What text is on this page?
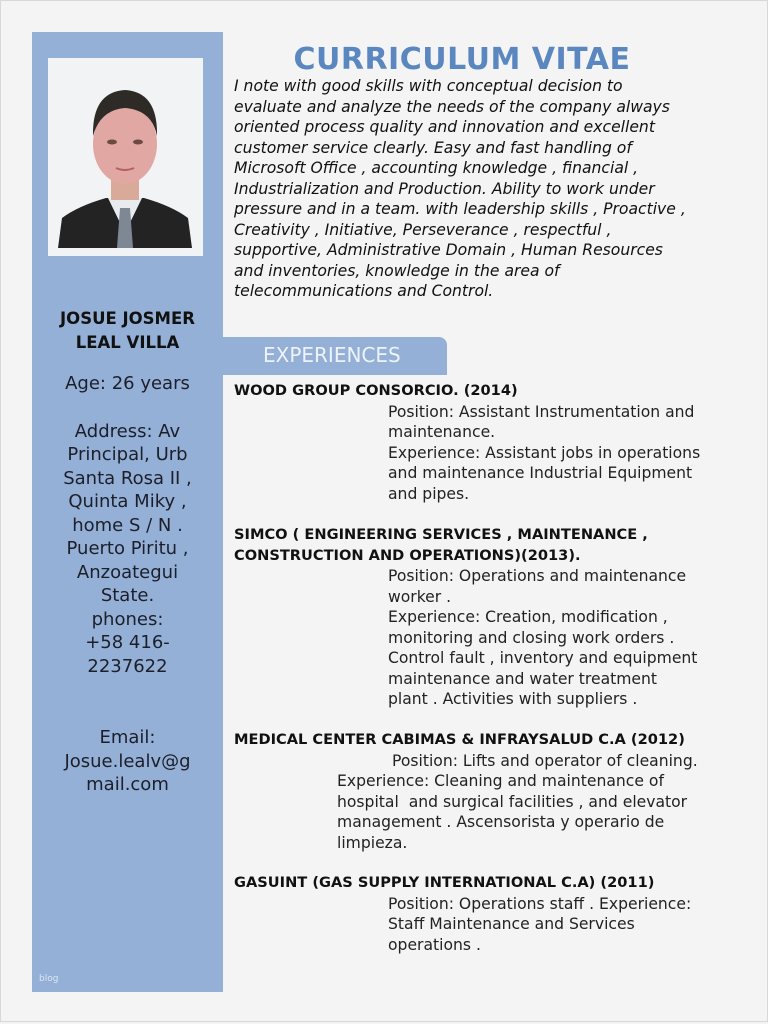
JOSUE JOSMER
LEAL VILLA

Age: 26 years

Address: Av

Principal, Urb

Santa Rosa II ,

Quinta Miky ,

home S / N .

Puerto Piritu ,

Anzoategui

State.

phones:

+58 416-

2237622

Email:

Josue.lealv@g

mail.com

blog
CURRICULUM VITAE
I note with good skills with conceptual decision to
evaluate and analyze the needs of the company always
oriented process quality and innovation and excellent
customer service clearly. Easy and fast handling of
Microsoft Office , accounting knowledge , financial ,
Industrialization and Production. Ability to work under
pressure and in a team. with leadership skills , Proactive ,
Creativity , Initiative, Perseverance , respectful ,
supportive, Administrative Domain , Human Resources
and inventories, knowledge in the area of
telecommunications and Control.
EXPERIENCES
WOOD GROUP CONSORCIO. (2014)

Position: Assistant Instrumentation and

maintenance.

Experience: Assistant jobs in operations

and maintenance Industrial Equipment

and pipes.

SIMCO ( ENGINEERING SERVICES , MAINTENANCE ,
CONSTRUCTION AND OPERATIONS)(2013).

Position: Operations and maintenance

worker .

Experience: Creation, modification ,

monitoring and closing work orders .

Control fault , inventory and equipment

maintenance and water treatment

plant . Activities with suppliers .

MEDICAL CENTER CABIMAS & INFRAYSALUD C.A (2012)

Position: Lifts and operator of cleaning.

Experience: Cleaning and maintenance of

hospital  and surgical facilities , and elevator

management . Ascensorista y operario de

limpieza.

GASUINT (GAS SUPPLY INTERNATIONAL C.A) (2011)

Position: Operations staff . Experience:

Staff Maintenance and Services

operations .
